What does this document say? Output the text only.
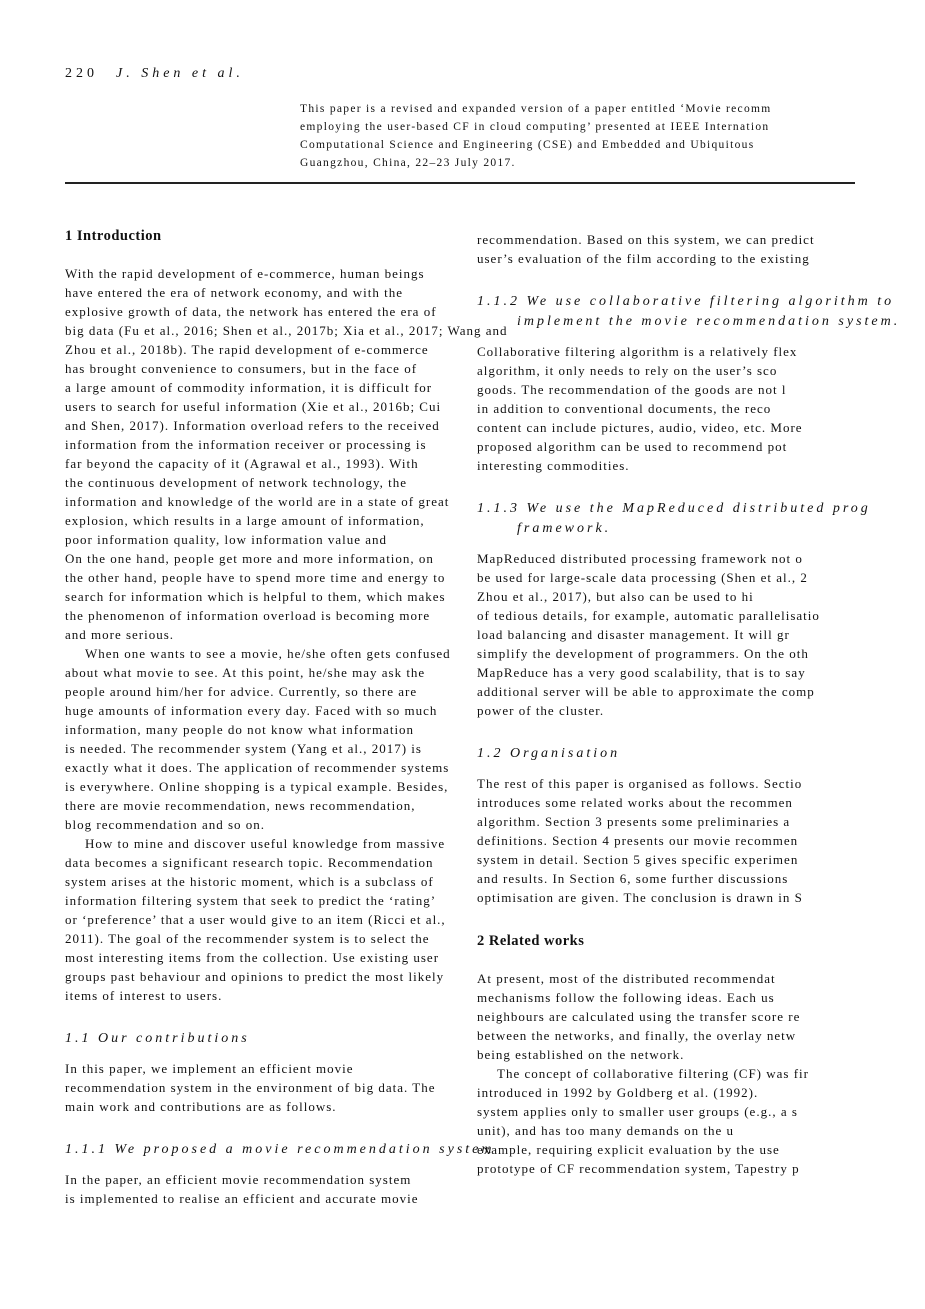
220 J. Shen et al.
This paper is a revised and expanded version of a paper entitled ‘Movie recomm
employing the user-based CF in cloud computing’ presented at IEEE Internation
Computational Science and Engineering (CSE) and Embedded and Ubiquitous
Guangzhou, China, 22–23 July 2017.
1 Introduction
With the rapid development of e-commerce, human beings
have entered the era of network economy, and with the
explosive growth of data, the network has entered the era of
big data (Fu et al., 2016; Shen et al., 2017b; Xia et al., 2017; Wang and
Zhou et al., 2018b). The rapid development of e-commerce
has brought convenience to consumers, but in the face of
a large amount of commodity information, it is difficult for
users to search for useful information (Xie et al., 2016b; Cui
and Shen, 2017). Information overload refers to the received
information from the information receiver or processing is
far beyond the capacity of it (Agrawal et al., 1993). With
the continuous development of network technology, the
information and knowledge of the world are in a state of great
explosion, which results in a large amount of information,
poor information quality, low information value and
On the one hand, people get more and more information, on
the other hand, people have to spend more time and energy to
search for information which is helpful to them, which makes
the phenomenon of information overload is becoming more
and more serious.
When one wants to see a movie, he/she often gets confused
about what movie to see. At this point, he/she may ask the
people around him/her for advice. Currently, so there are
huge amounts of information every day. Faced with so much
information, many people do not know what information
is needed. The recommender system (Yang et al., 2017) is
exactly what it does. The application of recommender systems
is everywhere. Online shopping is a typical example. Besides,
there are movie recommendation, news recommendation,
blog recommendation and so on.
How to mine and discover useful knowledge from massive
data becomes a significant research topic. Recommendation
system arises at the historic moment, which is a subclass of
information filtering system that seek to predict the ‘rating’
or ‘preference’ that a user would give to an item (Ricci et al.,
2011). The goal of the recommender system is to select the
most interesting items from the collection. Use existing user
groups past behaviour and opinions to predict the most likely
items of interest to users.
1.1 Our contributions
In this paper, we implement an efficient movie
recommendation system in the environment of big data. The
main work and contributions are as follows.
1.1.1 We proposed a movie recommendation system
In the paper, an efficient movie recommendation system
is implemented to realise an efficient and accurate movie
recommendation. Based on this system, we can predict
user’s evaluation of the film according to the existing
1.1.2 We use collaborative filtering algorithm to
implement the movie recommendation system.
Collaborative filtering algorithm is a relatively flex
algorithm, it only needs to rely on the user’s sco
goods. The recommendation of the goods are not l
in addition to conventional documents, the reco
content can include pictures, audio, video, etc. More
proposed algorithm can be used to recommend pot
interesting commodities.
1.1.3 We use the MapReduced distributed prog
framework.
MapReduced distributed processing framework not o
be used for large-scale data processing (Shen et al., 2
Zhou et al., 2017), but also can be used to hi
of tedious details, for example, automatic parallelisatio
load balancing and disaster management. It will gr
simplify the development of programmers. On the oth
MapReduce has a very good scalability, that is to say
additional server will be able to approximate the comp
power of the cluster.
1.2 Organisation
The rest of this paper is organised as follows. Sectio
introduces some related works about the recommen
algorithm. Section 3 presents some preliminaries a
definitions. Section 4 presents our movie recommen
system in detail. Section 5 gives specific experimen
and results. In Section 6, some further discussions
optimisation are given. The conclusion is drawn in S
2 Related works
At present, most of the distributed recommendat
mechanisms follow the following ideas. Each us
neighbours are calculated using the transfer score re
between the networks, and finally, the overlay netw
being established on the network.
The concept of collaborative filtering (CF) was fir
introduced in 1992 by Goldberg et al. (1992).
system applies only to smaller user groups (e.g., a s
unit), and has too many demands on the u
example, requiring explicit evaluation by the use
prototype of CF recommendation system, Tapestry p
